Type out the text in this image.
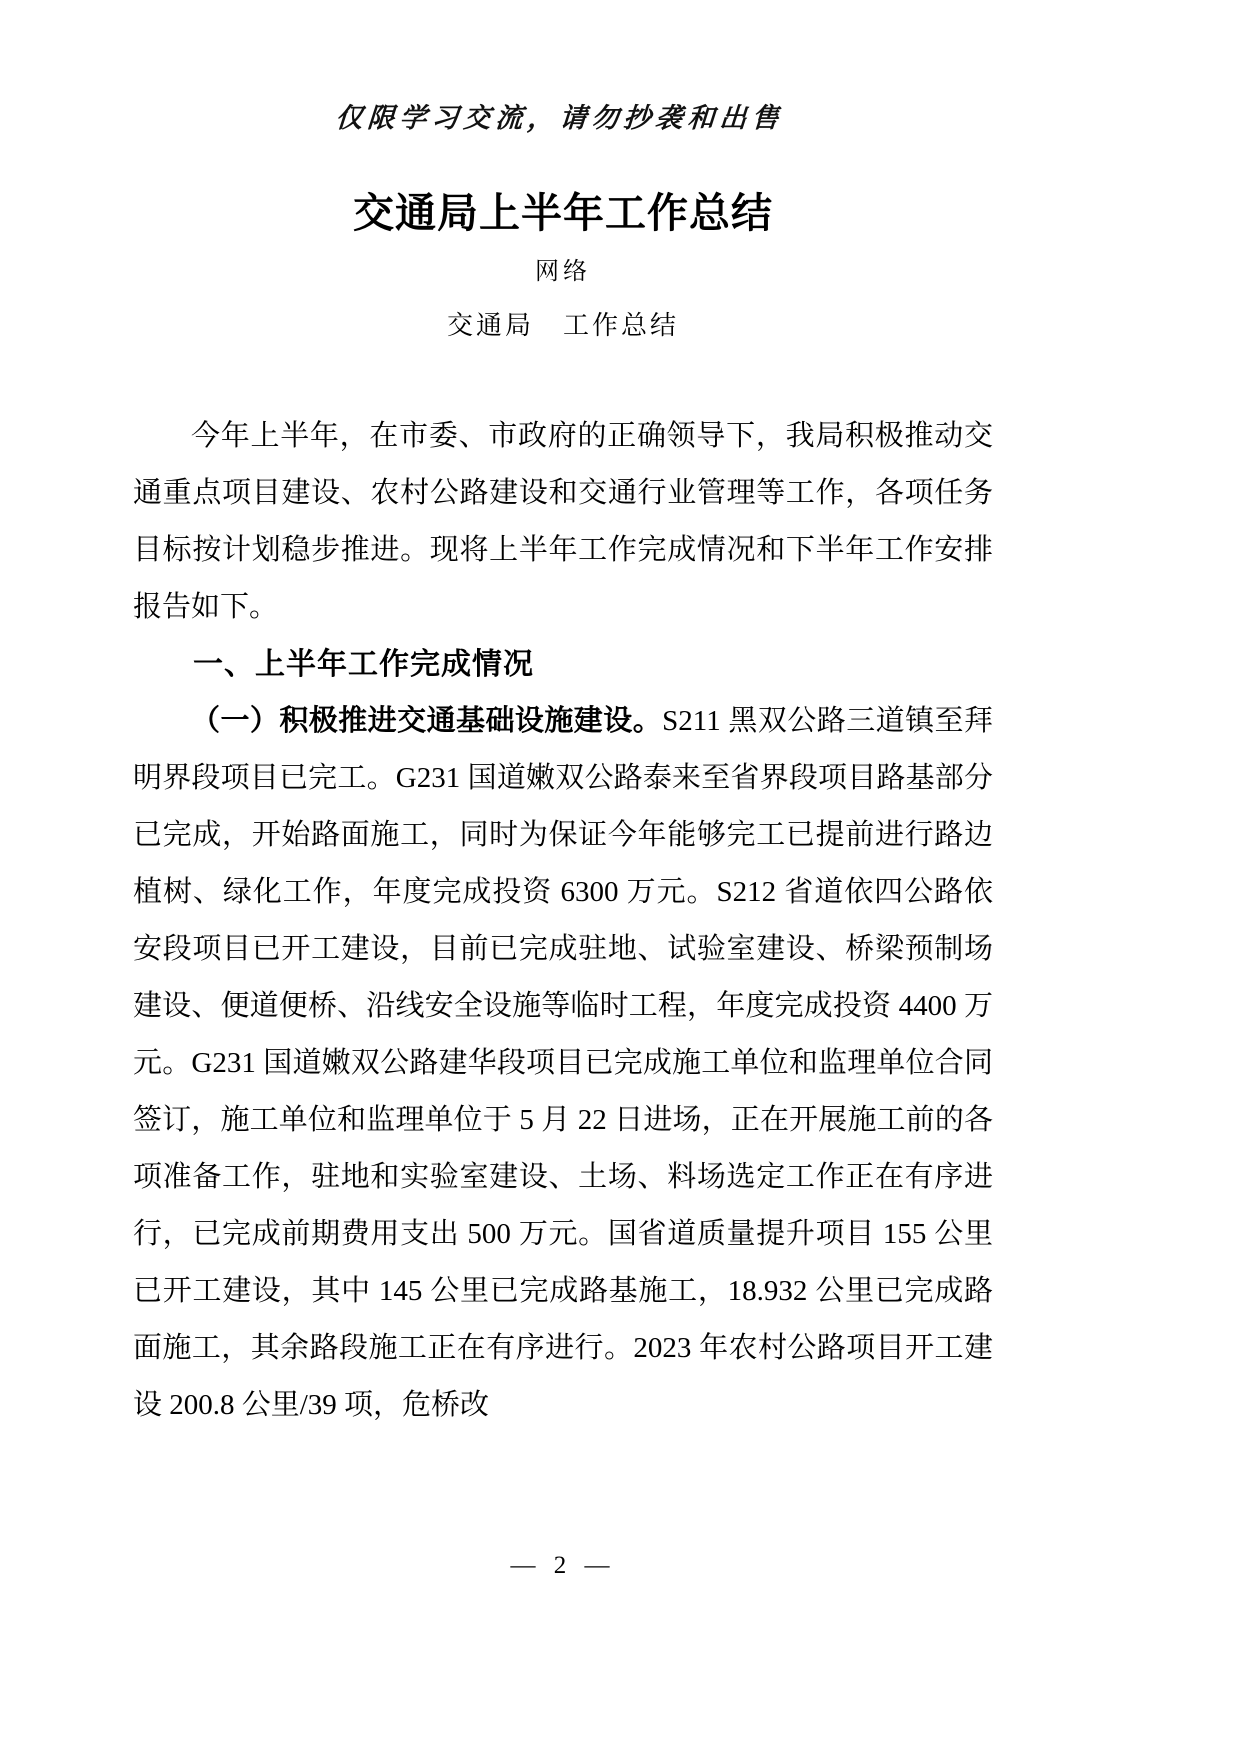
仅限学习交流，请勿抄袭和出售
交通局上半年工作总结
网络
交通局　工作总结

今年上半年，在市委、市政府的正确领导下，我局积极推动交通重点项目建设、农村公路建设和交通行业管理等工作，各项任务目标按计划稳步推进。现将上半年工作完成情况和下半年工作安排报告如下。

一、上半年工作完成情况

（一）积极推进交通基础设施建设。S211 黑双公路三道镇至拜明界段项目已完工。G231 国道嫩双公路泰来至省界段项目路基部分已完成，开始路面施工，同时为保证今年能够完工已提前进行路边植树、绿化工作，年度完成投资 6300 万元。S212 省道依四公路依安段项目已开工建设，目前已完成驻地、试验室建设、桥梁预制场建设、便道便桥、沿线安全设施等临时工程，年度完成投资 4400 万元。G231 国道嫩双公路建华段项目已完成施工单位和监理单位合同签订，施工单位和监理单位于 5 月 22 日进场，正在开展施工前的各项准备工作，驻地和实验室建设、土场、料场选定工作正在有序进行，已完成前期费用支出 500 万元。国省道质量提升项目 155 公里已开工建设，其中 145 公里已完成路基施工，18.932 公里已完成路面施工，其余路段施工正在有序进行。2023 年农村公路项目开工建设 200.8 公里/39 项，危桥改

— 2 —
